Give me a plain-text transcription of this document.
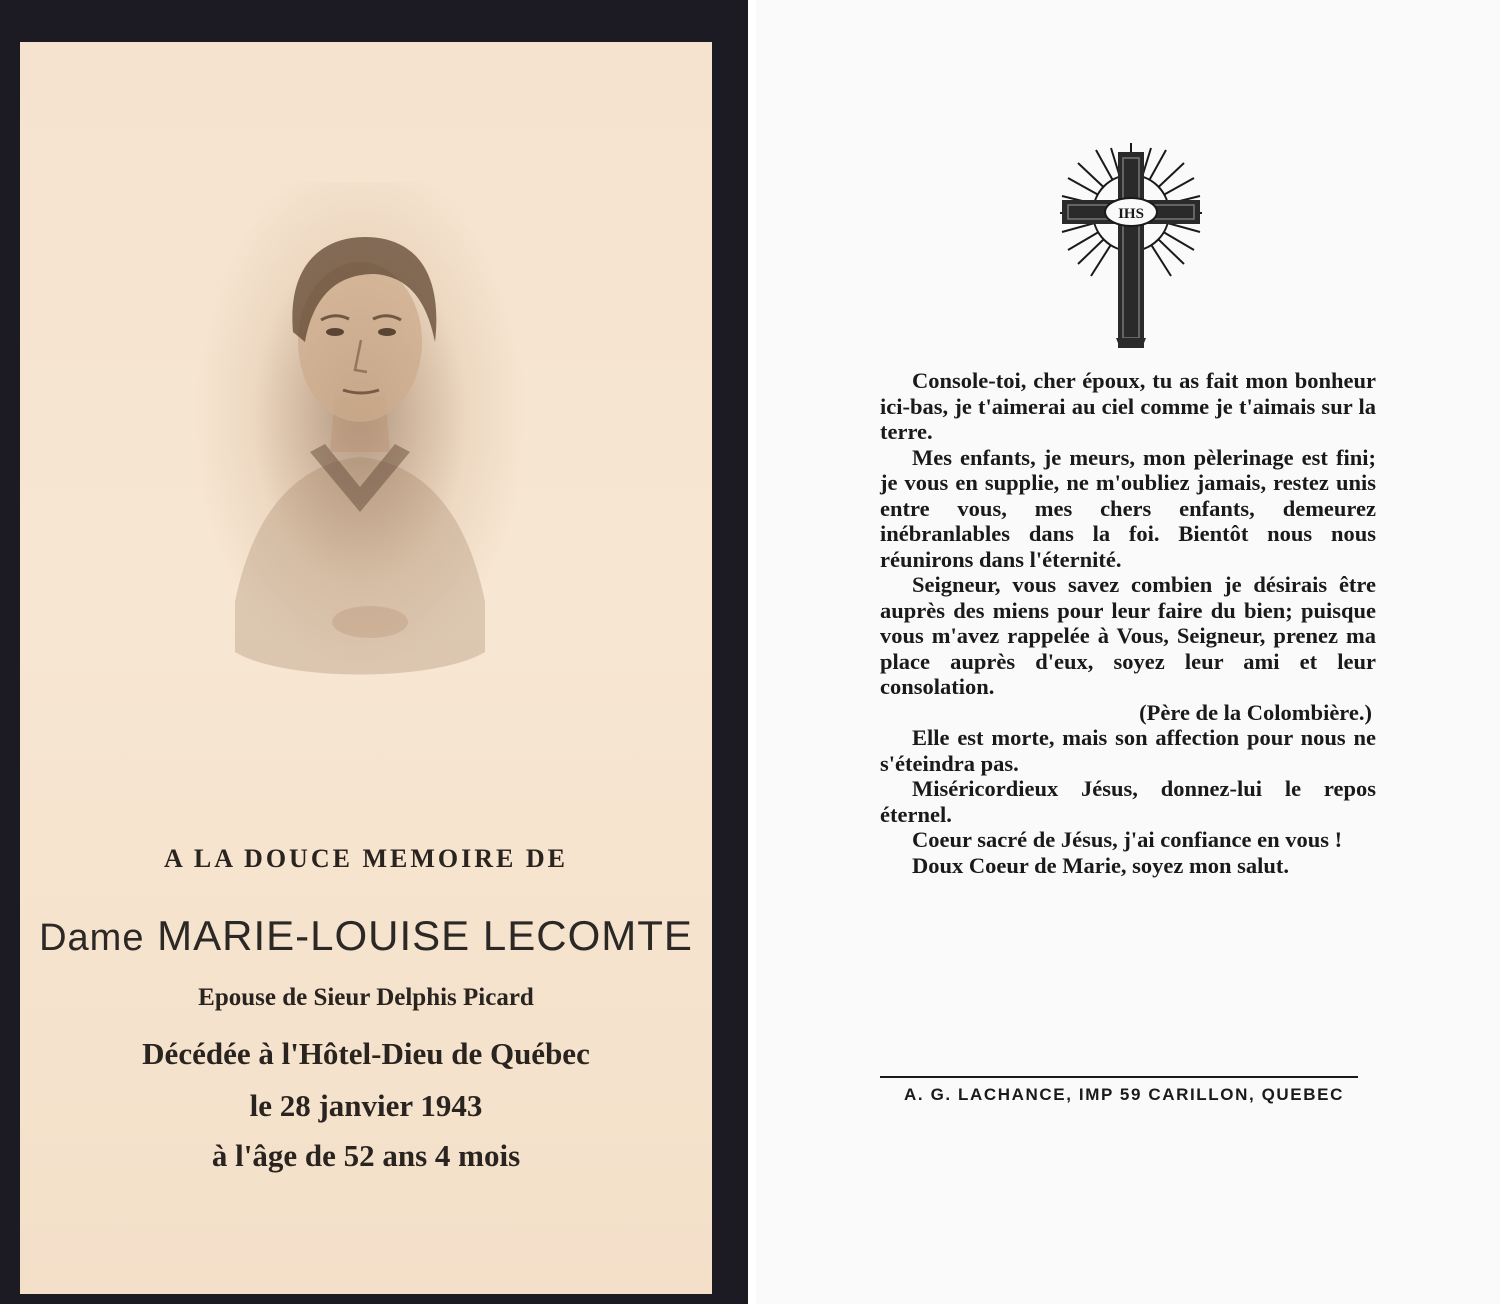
A LA DOUCE MEMOIRE DE
Dame MARIE-LOUISE LECOMTE
Epouse de Sieur Delphis Picard
Décédée à l'Hôtel-Dieu de Québec
le 28 janvier 1943
à l'âge de 52 ans 4 mois
IHS

Console-toi, cher époux, tu as fait mon bonheur ici-bas, je t'aimerai au ciel comme je t'aimais sur la terre.

Mes enfants, je meurs, mon pèlerinage est fini; je vous en supplie, ne m'oubliez jamais, restez unis entre vous, mes chers enfants, demeurez inébranlables dans la foi. Bientôt nous nous réunirons dans l'éternité.

Seigneur, vous savez combien je désirais être auprès des miens pour leur faire du bien; puisque vous m'avez rappelée à Vous, Seigneur, prenez ma place auprès d'eux, soyez leur ami et leur consolation.

(Père de la Colombière.)

Elle est morte, mais son affection pour nous ne s'éteindra pas.

Miséricordieux Jésus, donnez-lui le repos éternel.

Coeur sacré de Jésus, j'ai confiance en vous !

Doux Coeur de Marie, soyez mon salut.

A. G. LACHANCE, IMP 59 CARILLON, QUEBEC
